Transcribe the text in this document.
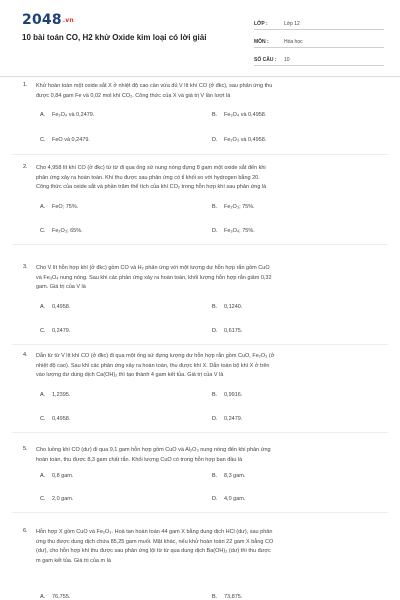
2048.vn
10 bài toán CO, H2 khử Oxide kim loại có lời giải
LỚP :	Lớp 12
MÔN :	Hóa học
SỐ CÂU : 10
1. Khử hoàn toàn một oxide sắt X ở nhiệt độ cao cần vừa đủ V lít khí CO (ở đkc), sau phản ứng thu
được 0,84 gam Fe và 0,02 mol khí CO₂. Công thức của X và giá trị V lần lượt là
A. Fe₃O₄ và 0,2479.	B. Fe₃O₄ và 0,4958.
C. FeO và 0,2479.	D. Fe₂O₃ và 0,4958.
2. Cho 4,958 lít khí CO (ở đkc) từ từ đi qua ống sứ nung nóng đựng 8 gam một oxide sắt đến khi
phản ứng xảy ra hoàn toàn. Khí thu được sau phản ứng có tỉ khối so với hydrogen bằng 20.
Công thức của oxide sắt và phần trăm thể tích của khí CO₂ trong hỗn hợp khí sau phản ứng là
A. FeO; 75%.	B. Fe₂O₃; 75%.
C. Fe₂O₃; 65%.	D. Fe₃O₄; 75%.
3. Cho V lít hỗn hợp khí (ở đkc) gồm CO và H₂ phản ứng với một lượng dư hỗn hợp rắn gồm CuO
và Fe₃O₄ nung nóng. Sau khi các phản ứng xảy ra hoàn toàn, khối lượng hỗn hợp rắn giảm 0,32
gam. Giá trị của V là
A. 0,4958.	B. 0,1240.
C. 0,2479.	D. 0,6175.
4. Dẫn từ từ V lít khí CO (ở đkc) đi qua một ống sứ đựng lượng dư hỗn hợp rắn gồm CuO, Fe₂O₃ (ở
nhiệt độ cao). Sau khi các phản ứng xảy ra hoàn toàn, thu được khí X. Dẫn toàn bộ khí X ở trên
vào lượng dư dung dịch Ca(OH)₂ thì tạo thành 4 gam kết tủa. Giá trị của V là
A. 1,2395.	B. 0,9916.
C. 0,4958.	D. 0,2479.
5. Cho luồng khí CO (dư) đi qua 9,1 gam hỗn hợp gồm CuO và Al₂O₃ nung nóng đến khi phản ứng
hoàn toàn, thu được 8,3 gam chất rắn. Khối lượng CuO có trong hỗn hợp ban đầu là
A. 0,8 gam.	B. 8,3 gam.
C. 2,0 gam.	D. 4,0 gam.
6. Hỗn hợp X gồm CuO và Fe₂O₃. Hoà tan hoàn toàn 44 gam X bằng dung dịch HCl (dư), sau phản
ứng thu được dung dịch chứa 85,25 gam muối. Mặt khác, nếu khử hoàn toàn 22 gam X bằng CO
(dư), cho hỗn hợp khí thu được sau phản ứng lội từ từ qua dung dịch Ba(OH)₂ (dư) thì thu được
m gam kết tủa. Giá trị của m là
A. 76,755.	B. 73,875.
